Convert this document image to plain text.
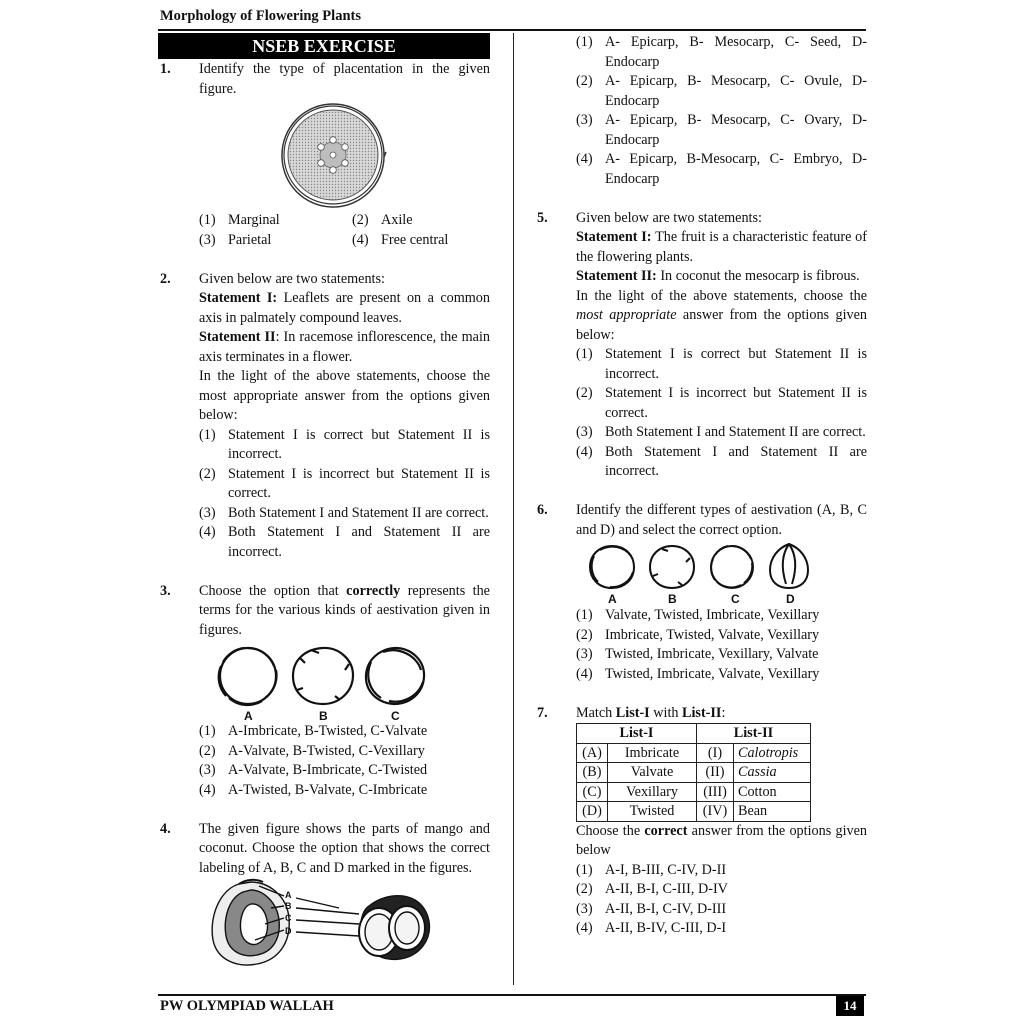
Morphology of Flowering Plants
NSEB EXERCISE
1. Identify the type of placentation in the given figure.
(1) Marginal	(2) Axile
(3) Parietal	(4) Free central
2. Given below are two statements:
Statement I: Leaflets are present on a common axis in palmately compound leaves.
Statement II: In racemose inflorescence, the main axis terminates in a flower.
In the light of the above statements, choose the most appropriate answer from the options given below:
(1) Statement I is correct but Statement II is incorrect.
(2) Statement I is incorrect but Statement II is correct.
(3) Both Statement I and Statement II are correct.
(4) Both Statement I and Statement II are incorrect.
3. Choose the option that correctly represents the terms for the various kinds of aestivation given in figures.
A	B	C
(1) A-Imbricate, B-Twisted, C-Valvate
(2) A-Valvate, B-Twisted, C-Vexillary
(3) A-Valvate, B-Imbricate, C-Twisted
(4) A-Twisted, B-Valvate, C-Imbricate
4. The given figure shows the parts of mango and coconut. Choose the option that shows the correct labeling of A, B, C and D marked in the figures.
A
B
C
D
(1) A- Epicarp, B- Mesocarp, C- Seed, D- Endocarp
(2) A- Epicarp, B- Mesocarp, C- Ovule, D- Endocarp
(3) A- Epicarp, B- Mesocarp, C- Ovary, D- Endocarp
(4) A- Epicarp, B-Mesocarp, C- Embryo, D- Endocarp
5. Given below are two statements:
Statement I: The fruit is a characteristic feature of the flowering plants.
Statement II: In coconut the mesocarp is fibrous.
In the light of the above statements, choose the most appropriate answer from the options given below:
(1) Statement I is correct but Statement II is incorrect.
(2) Statement I is incorrect but Statement II is correct.
(3) Both Statement I and Statement II are correct.
(4) Both Statement I and Statement II are incorrect.
6. Identify the different types of aestivation (A, B, C and D) and select the correct option.
A	B	C	D
(1) Valvate, Twisted, Imbricate, Vexillary
(2) Imbricate, Twisted, Valvate, Vexillary
(3) Twisted, Imbricate, Vexillary, Valvate
(4) Twisted, Imbricate, Valvate, Vexillary
7. Match List-I with List-II:
List-I		List-II	
(A)	Imbricate	(I)	Calotropis
(B)	Valvate	(II)	Cassia
(C)	Vexillary	(III)	Cotton
(D)	Twisted	(IV)	Bean
Choose the correct answer from the options given below
(1) A-I, B-III, C-IV, D-II
(2) A-II, B-I, C-III, D-IV
(3) A-II, B-I, C-IV, D-III
(4) A-II, B-IV, C-III, D-I
PW OLYMPIAD WALLAH	14
